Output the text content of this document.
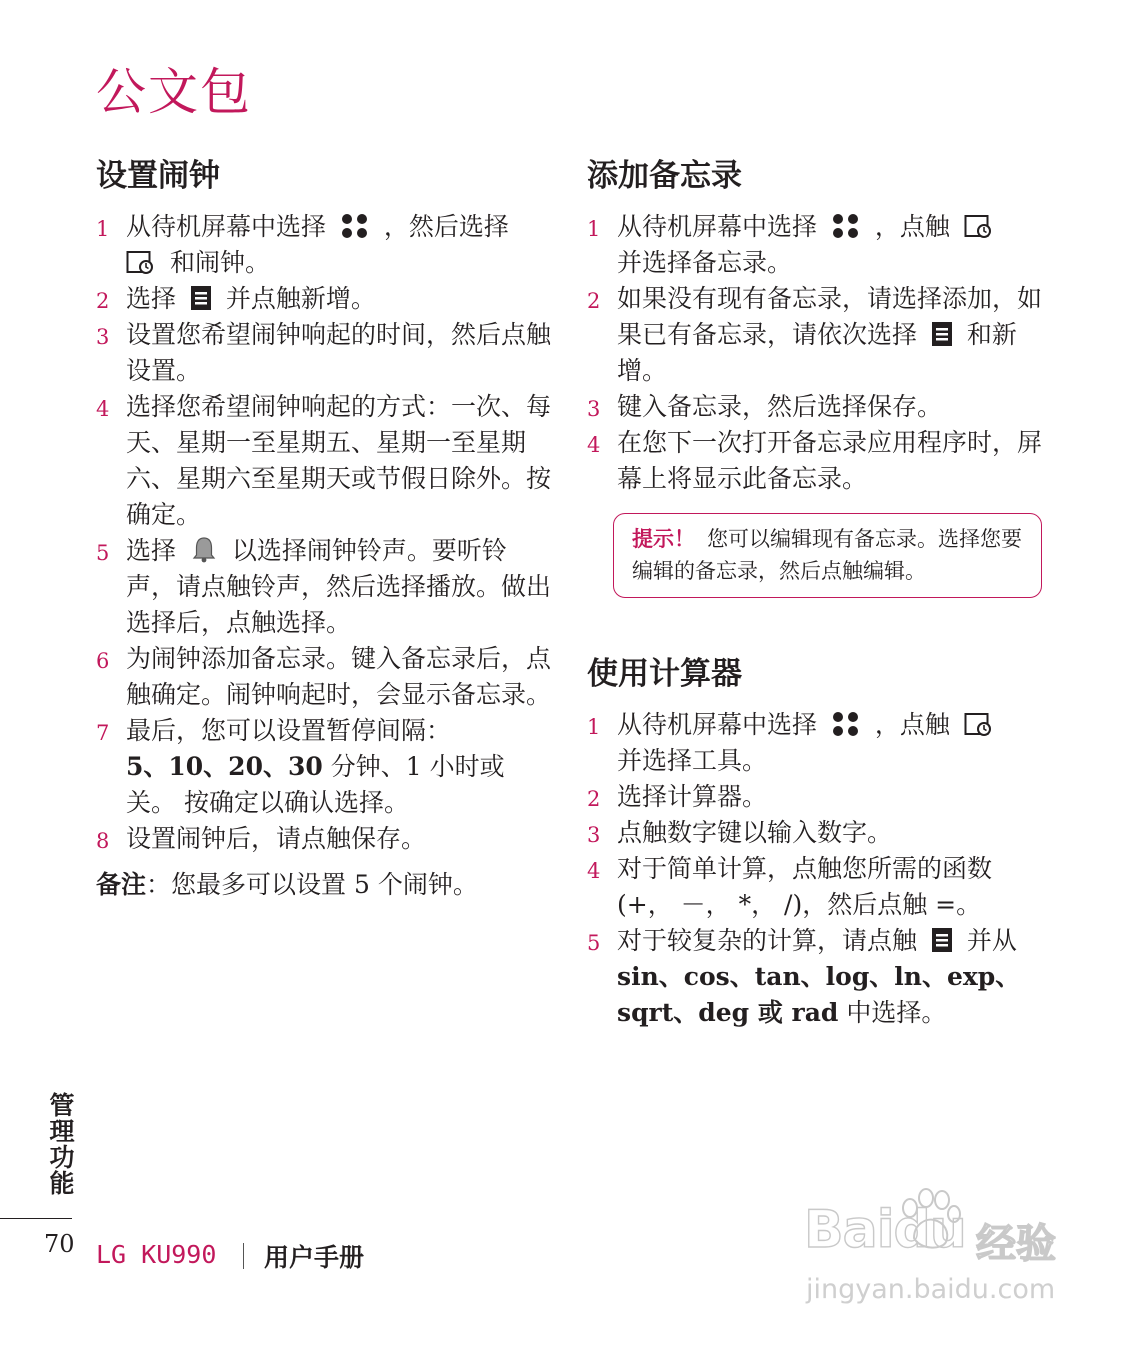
公文包
设置闹钟
1 从待机屏幕中选择 ，然后选择
和闹钟。
2 选择 并点触新增。
3 设置您希望闹钟响起的时间，然后点触设置。
4 选择您希望闹钟响起的方式：一次、每天、星期一至星期五、星期一至星期六、星期六至星期天或节假日除外。按确定。
5 选择 以选择闹钟铃声。要听铃声，请点触铃声，然后选择播放。做出选择后，点触选择。
6 为闹钟添加备忘录。键入备忘录后，点触确定。闹钟响起时，会显示备忘录。
7 最后，您可以设置暂停间隔：
5、10、20、30 分钟、1 小时或关。 按确定以确认选择。
8 设置闹钟后，请点触保存。
备注：您最多可以设置 5 个闹钟。
添加备忘录
1 从待机屏幕中选择 ，点触
并选择备忘录。
2 如果没有现有备忘录，请选择添加，如果已有备忘录，请依次选择 和新增。
3 键入备忘录，然后选择保存。
4 在您下一次打开备忘录应用程序时，屏幕上将显示此备忘录。
提示！ 您可以编辑现有备忘录。选择您要编辑的备忘录，然后点触编辑。
使用计算器
1 从待机屏幕中选择 ，点触
并选择工具。
2 选择计算器。
3 点触数字键以输入数字。
4 对于简单计算，点触您所需的函数(+， －， *， /)，然后点触 =。
5 对于较复杂的计算，请点触 并从 sin、cos、tan、log、ln、exp、sqrt、deg 或 rad 中选择。
管理功能
70 LG KU990 用户手册	Baidu 经验
jingyan.baidu.com
